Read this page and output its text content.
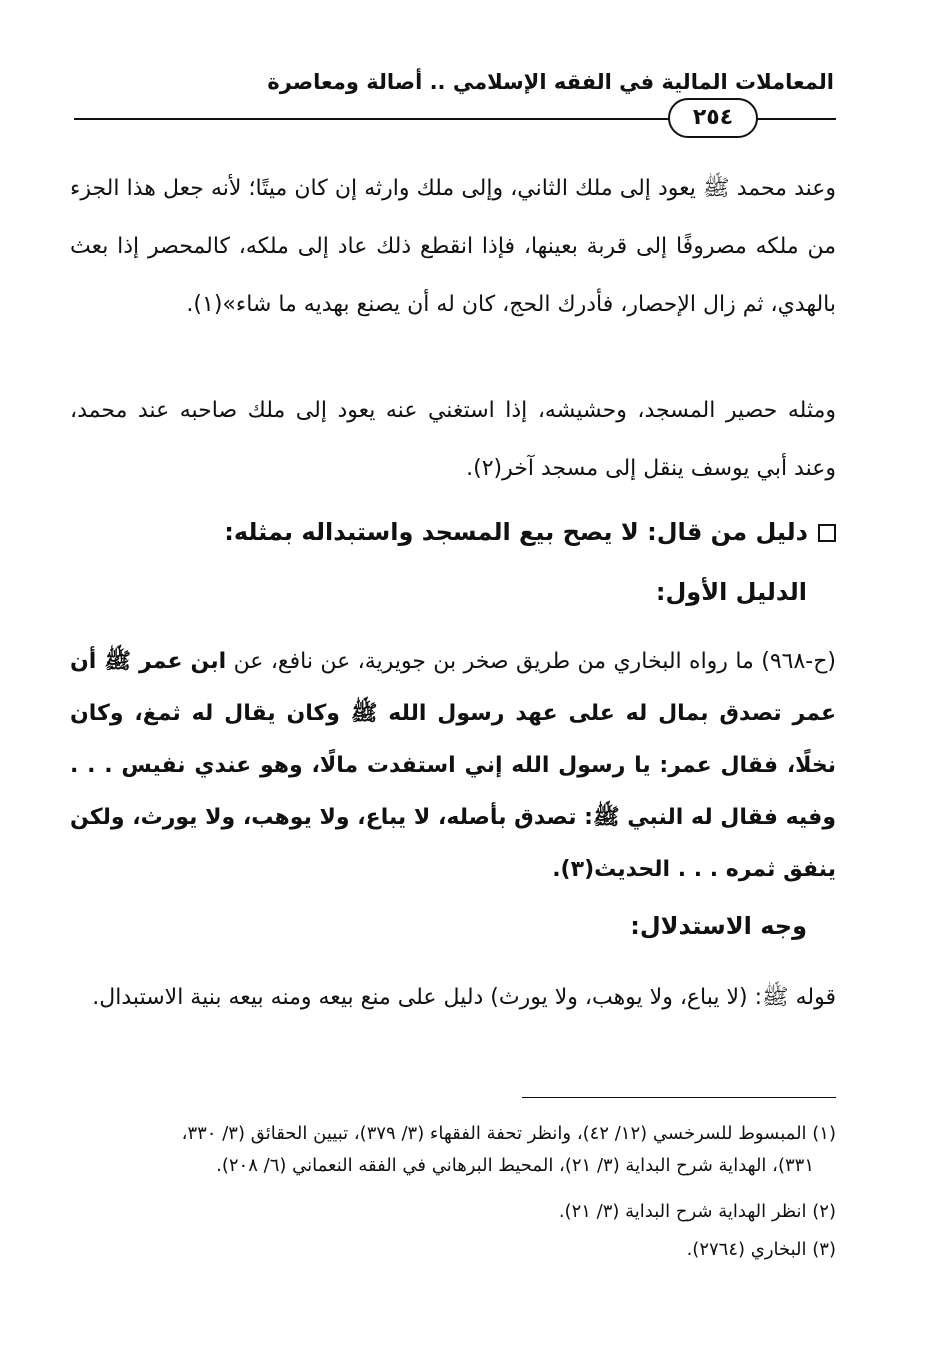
المعاملات المالية في الفقه الإسلامي .. أصالة ومعاصرة
٢٥٤
وعند محمد ﷺ يعود إلى ملك الثاني، وإلى ملك وارثه إن كان ميتًا؛ لأنه جعل هذا الجزء من ملكه مصروفًا إلى قربة بعينها، فإذا انقطع ذلك عاد إلى ملكه، كالمحصر إذا بعث بالهدي، ثم زال الإحصار، فأدرك الحج، كان له أن يصنع بهديه ما شاء»(١).
ومثله حصير المسجد، وحشيشه، إذا استغني عنه يعود إلى ملك صاحبه عند محمد، وعند أبي يوسف ينقل إلى مسجد آخر(٢).
دليل من قال: لا يصح بيع المسجد واستبداله بمثله:
الدليل الأول:
(ح-٩٦٨) ما رواه البخاري من طريق صخر بن جويرية، عن نافع، عن ابن عمر ﷺ أن عمر تصدق بمال له على عهد رسول الله ﷺ وكان يقال له ثمغ، وكان نخلًا، فقال عمر: يا رسول الله إني استفدت مالًا، وهو عندي نفيس . . . وفيه فقال له النبي ﷺ: تصدق بأصله، لا يباع، ولا يوهب، ولا يورث، ولكن ينفق ثمره . . . الحديث(٣).
وجه الاستدلال:
قوله ﷺ: (لا يباع، ولا يوهب، ولا يورث) دليل على منع بيعه ومنه بيعه بنية الاستبدال.
(١) المبسوط للسرخسي (١٢/ ٤٢)، وانظر تحفة الفقهاء (٣/ ٣٧٩)، تبيين الحقائق (٣/ ٣٣٠،
٣٣١)، الهداية شرح البداية (٣/ ٢١)، المحيط البرهاني في الفقه النعماني (٦/ ٢٠٨).
(٢) انظر الهداية شرح البداية (٣/ ٢١).
(٣) البخاري (٢٧٦٤).
